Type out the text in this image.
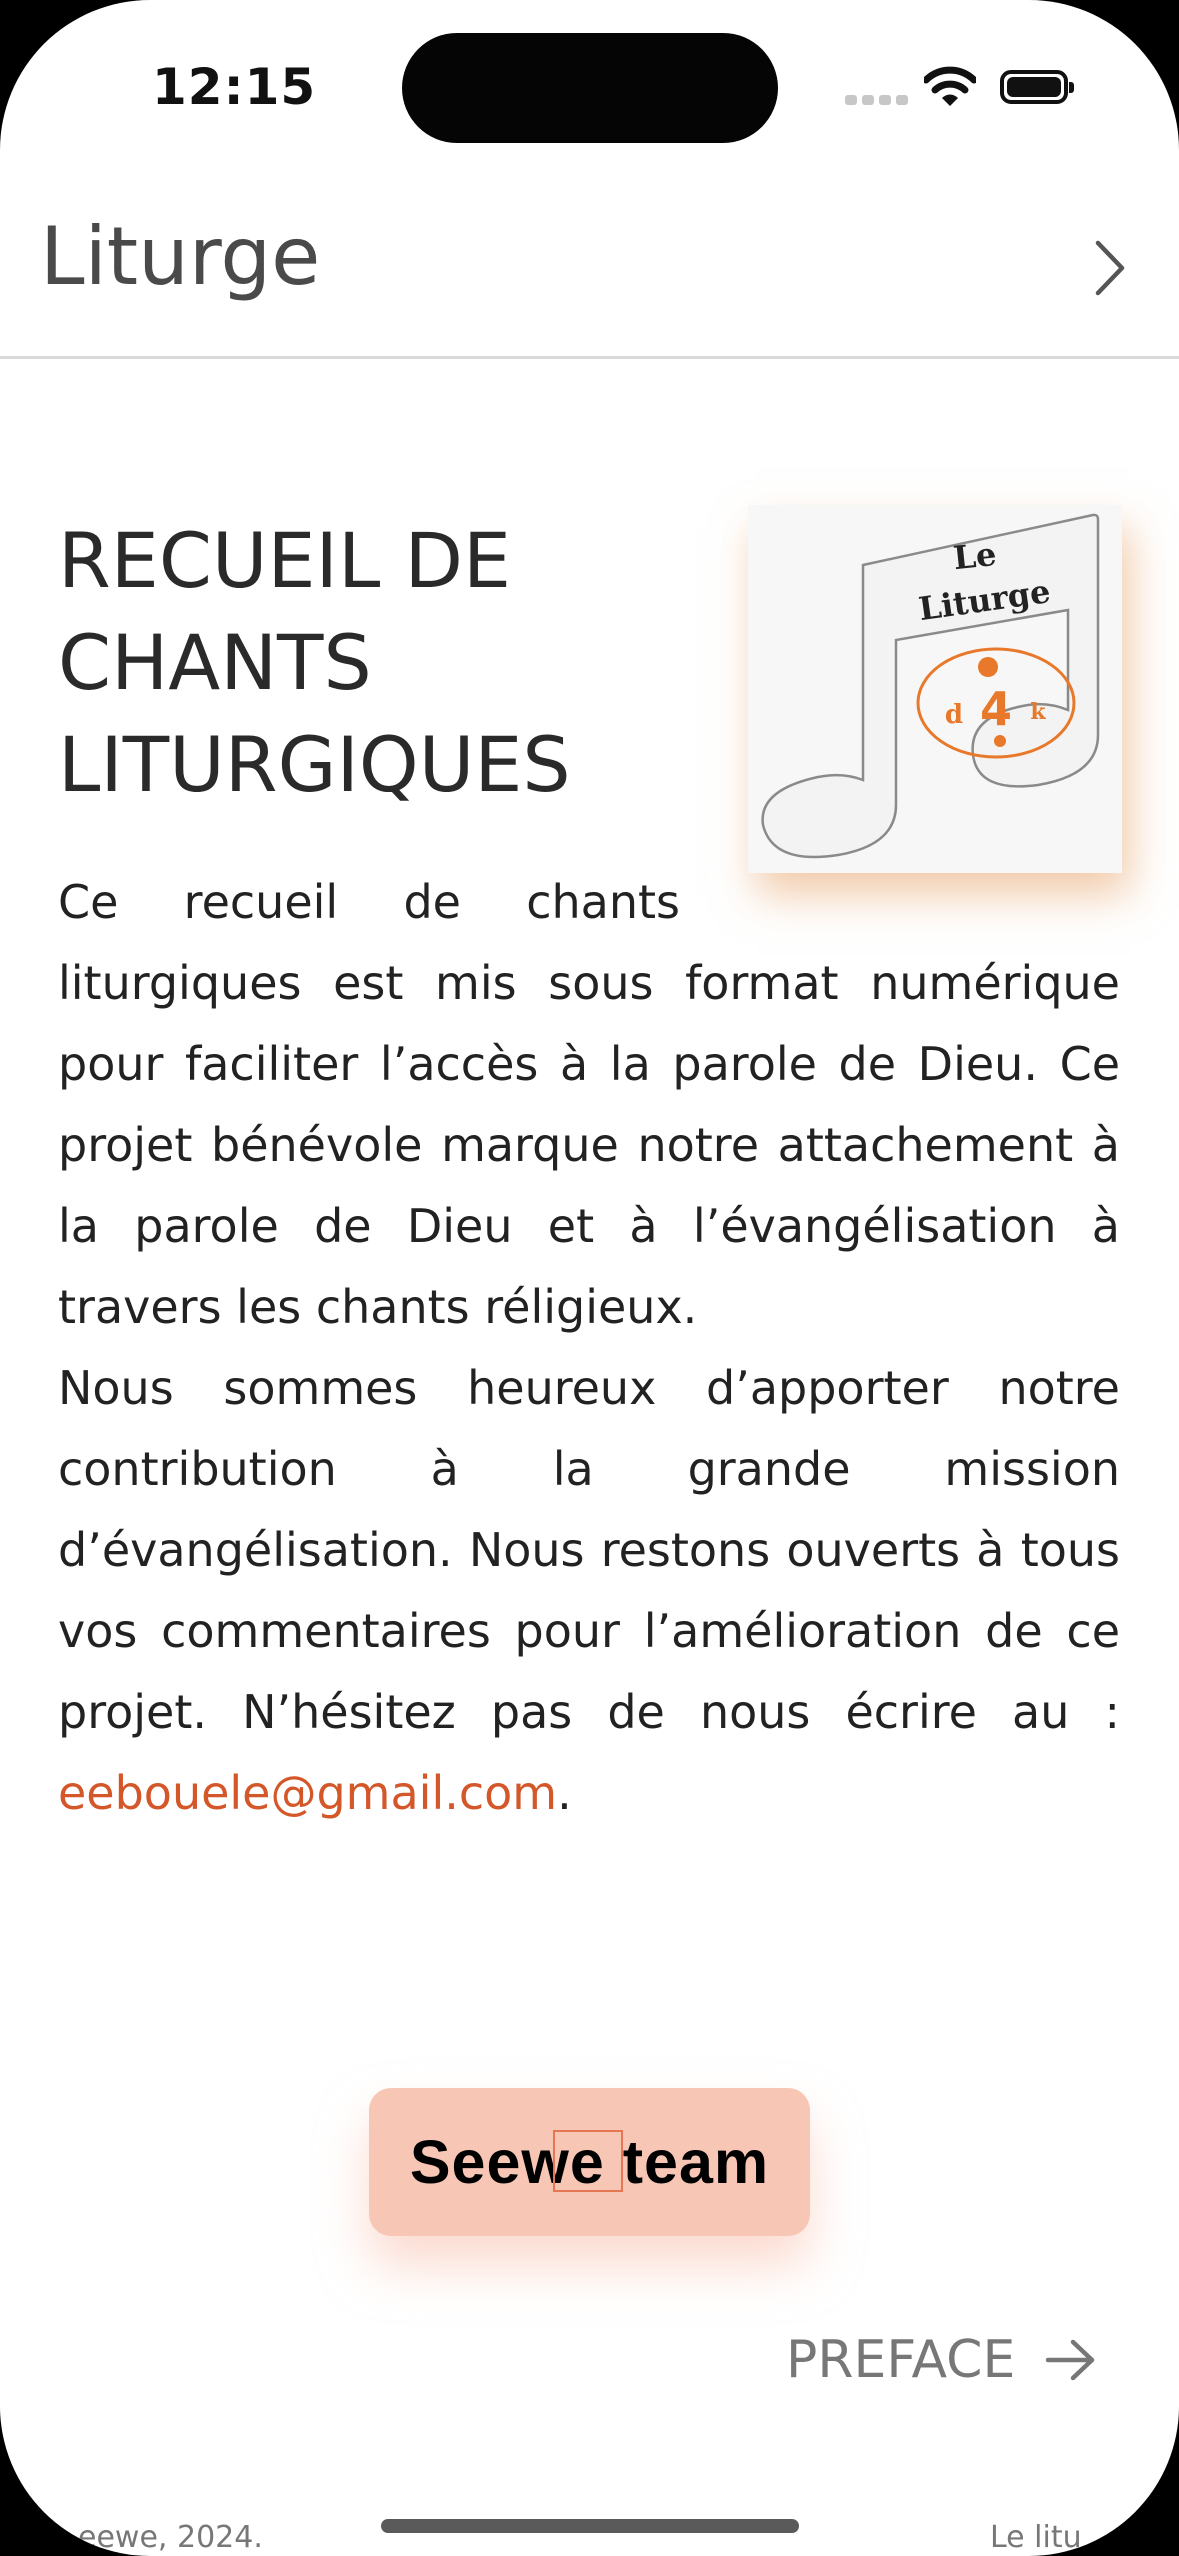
12:15
Liturge
Le
Liturge
d 4 k
RECUEIL DE
CHANTS
LITURGIQUES
Ce recueil de chants liturgiques est mis sous format numérique pour faciliter l’accès à la parole de Dieu. Ce projet bénévole marque notre attachement à la parole de Dieu et à l’évangélisation à travers les chants réligieux.
Nous sommes heureux d’apporter notre contribution à la grande mission d’évangélisation. Nous restons ouverts à tous vos commentaires pour l’amélioration de ce projet. N’hésitez pas de nous écrire au : eebouele@gmail.com.
Seewe team
PREFACE
eewe, 2024.	Le litu
